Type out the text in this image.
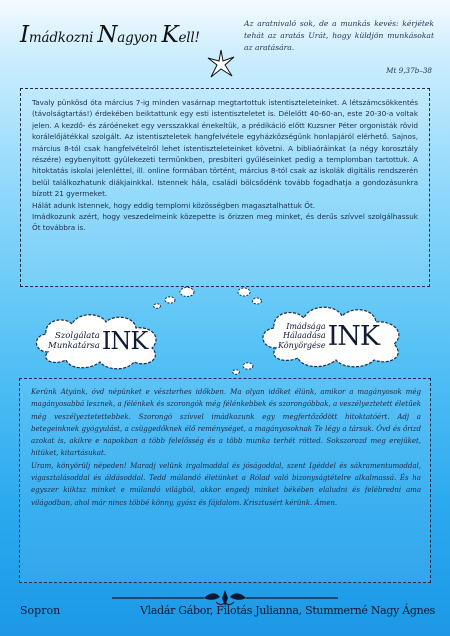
Imádkozni Nagyon Kell!
Az aratnivaló sok, de a munkás kevés: kérjétek tehát az aratás Urát, hogy küldjön munkásokat az aratására.
Mt 9,37b–38

Tavaly pünkösd óta március 7-ig minden vasárnap megtartottuk istentiszteleteinket. A létszámcsökkentés (távolságtartás!) érdekében beiktattunk egy esti istentiszteletet is. Délelőtt 40-60-an, este 20-30-a voltak jelen. A kezdő- és záróéneket egy versszakkal énekeltük, a prédikáció előtt Kuzsner Péter orgonisták rövid korálelőjátékkal szolgált. Az istentiszteletek hangfelvétele egyházközségünk honlapjáról elérhető. Sajnos, március 8-tól csak hangfelvételről lehet istentiszteleteinket követni. A bibliaóráinkat (a négy korosztály részére) egybenyitott gyülekezeti termünkben, presbiteri gyűléseinket pedig a templomban tartottuk. A hitoktatás iskolai jelenléttel, ill. online formában történt, március 8-tól csak az iskolák digitális rendszerén belül találkozhatunk diákjainkkal. Istennek hála, családi bölcsődénk tovább fogadhatja a gondozásunkra bízott 21 gyermeket.

Hálát adunk Istennek, hogy eddig templomi közösségben magasztalhattuk Őt.

Imádkozunk azért, hogy veszedelmeink közepette is őrizzen meg minket, és derűs szívvel szolgálhassuk Őt továbbra is.

Szolgálata
Munkatársa INK
Imádsága
Hálaadása
Könyörgése INK

Kerünk Atyánk, óvd népünket e vészterhes időkben. Ma olyan időket élünk, amikor a magányosok még magányosabbá lesznek, a félénkek és szorongók még félénkebbek és szorongóbbak, a veszélyeztetett életűek még veszélyeztetettebbek. Szorongó szívvel imádkozunk egy megfertőződött hitoktatóért. Adj a betegeinknek gyógyulást, a csüggedőknek élő reménységet, a magányosoknak Te légy a társuk. Óvd és őrizd azokat is, akikre e napokban a több felelősség és a több munka terhét rótted. Sokszorozd meg erejüket, hitüket, kitartásukat.

Uram, könyörülj népeden! Maradj velünk irgalmaddal és jóságoddal, szent Igéddel és sákramentumoddal, vigasztalásoddal és áldásoddal. Tedd múlandó életünket a Rólad való bizonyságtételre alkalmassá. És ha egyszer kiiktsz minket e múlandó világból, akkor engedj minket békében elaludni és felébredni ama világodban, ahol már nincs többé könny, gyász és fájdalom. Krisztusért kérünk. Ámen.

Sopron	Vladár Gábor, Filotás Julianna, Stummerné Nagy Ágnes
